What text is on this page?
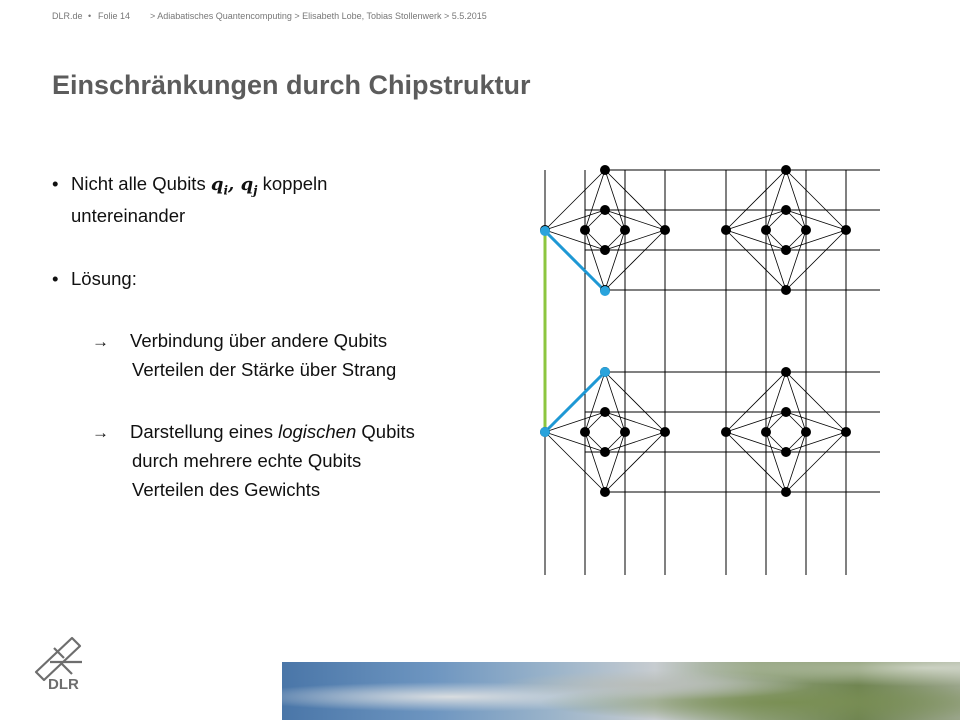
DLR.de • Folie 14 > Adiabatisches Quantencomputing > Elisabeth Lobe, Tobias Stollenwerk > 5.5.2015
Einschränkungen durch Chipstruktur
• Nicht alle Qubits $q_i$, $q_j$ koppeln
untereinander
• Lösung:
→ Verbindung über andere Qubits
Verteilen der Stärke über Strang
→ Darstellung eines logischen Qubits
durch mehrere echte Qubits
Verteilen des Gewichts
DLR
